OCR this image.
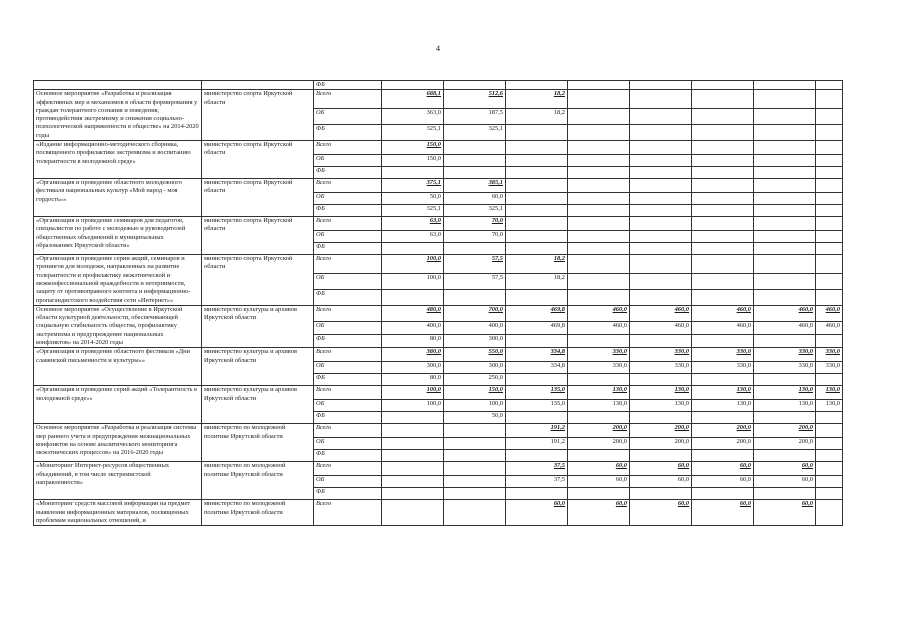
4
		ФБ								
Основное мероприятие «Разработка и реализация эффективных мер и механизмов в области формирования у граждан толерантного сознания и поведения, противодействия экстремизму и снижения социально-психологической напряженности в обществе» на 2014-2020 годы	министерство спорта Иркутской области	Всего	688,1	512,6	18,2					
		ОБ	363,0	187,5	18,2					
		ФБ	325,1	325,1						
«Издание информационно-методического сборника, посвященного профилактике экстремизма и воспитанию толерантности в молодежной среде»	министерство спорта Иркутской области	Всего	150,0							
		ОБ	150,0							
		ФБ								
«Организация и проведение областного молодежного фестиваля национальных культур «Мой народ - моя гордость»»	министерство спорта Иркутской области	Всего	375,1	385,1						
		ОБ	50,0	60,0						
		ФБ	325,1	325,1						
«Организация и проведение семинаров для педагогов, специалистов по работе с молодежью и руководителей общественных объединений в муниципальных образованиях Иркутской области»	министерство спорта Иркутской области	Всего	63,0	70,0						
		ОБ	63,0	70,0						
		ФБ								
«Организация и проведение серии акций, семинаров и тренингов для молодежи, направленных на развитие толерантности и профилактику межэтнической и межконфессиональной враждебности и нетерпимости, защиту от противоправного контента и информационно-пропагандистского воздействия сети «Интернет»»	министерство спорта Иркутской области	Всего	100,0	57,5	18,2					
		ОБ	100,0	57,5	18,2					
		ФБ								
Основное мероприятие «Осуществление в Иркутской области культурной деятельности, обеспечивающей социальную стабильность общества, профилактику экстремизма и предупреждение национальных конфликтов» на 2014-2020 годы	министерство культуры и архивов Иркутской области	Всего	480,0	700,0	469,8	460,0	460,0	460,0	460,0	460,0
		ОБ	400,0	400,0	469,8	460,0	460,0	460,0	460,0	460,0
		ФБ	80,0	300,0						
«Организация и проведение областного фестиваля «Дни славянской письменности и культуры»»	министерство культуры и архивов Иркутской области	Всего	380,0	550,0	334,8	330,0	330,0	330,0	330,0	330,0
		ОБ	300,0	300,0	334,8	330,0	330,0	330,0	330,0	330,0
		ФБ	80,0	250,0						
«Организация и проведение серий акций «Толерантность в молодежной среде»»	министерство культуры и архивов Иркутской области	Всего	100,0	150,0	135,0	130,0	130,0	130,0	130,0	130,0
		ОБ	100,0	100,0	135,0	130,0	130,0	130,0	130,0	130,0
		ФБ		50,0						
Основное мероприятие «Разработка и реализация системы мер раннего учета и предупреждения межнациональных конфликтов на основе аналитического мониторинга межэтнических процессов» на 2016-2020 годы	министерство по молодежной политике Иркутской области	Всего			191,2	200,0	200,0	200,0	200,0	
		ОБ			191,2	200,0	200,0	200,0	200,0	
		ФБ								
«Мониторинг Интернет-ресурсов общественных объединений, в том числе экстремистской направленности»	министерство по молодежной политике Иркутской области	Всего			37,5	60,0	60,0	60,0	60,0	
		ОБ			37,5	60,0	60,0	60,0	60,0	
		ФБ								
«Мониторинг средств массовой информации на предмет выявления информационных материалов, посвященных проблемам национальных отношений, и	министерство по молодежной политике Иркутской области	Всего			60,0	60,0	60,0	60,0	60,0	
